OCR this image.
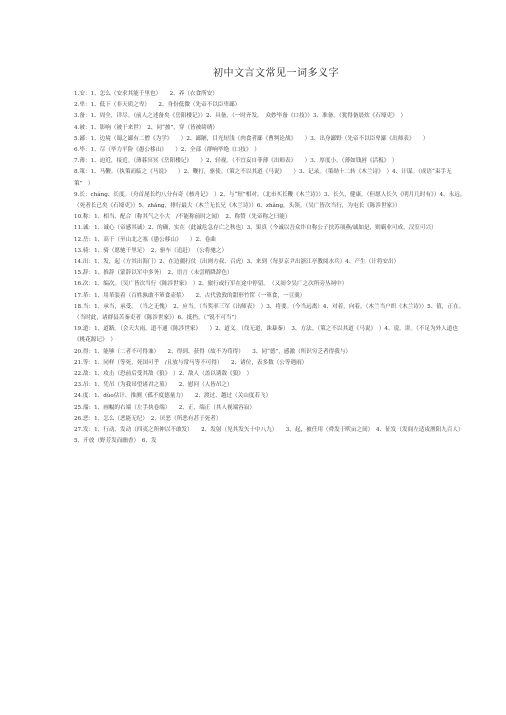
初中文言文常见一词多义字

1.安：1、怎么（安求其能千里也）　　2、养（衣食所安）

2.卑：1、低下（非天质之卑）　　2、身份低微（先帝不以臣卑鄙）

3.备：1、周全，详尽。（前人之述备矣《岳阳楼记》）2、具备。（一时齐发，　众妙毕备《口技》）3、准备。（犹得备晨炊《石壕吏》　）

4.被：1、影响（被于来世）　2、同“披”，穿（皆被绮绣）

5.鄙：1、边境（蜀之鄙有二僧《为学》　　）2、鄙陋，目光短浅（肉食者鄙《曹刿论战》　　）3、出身鄙野（先帝不以臣卑鄙《出师表》　　）

6.毕：1、尽（毕力平险《愚公移山》　　）2、全部（群响毕绝《口技》　）

7.薄：1、迫近，接近。（薄暮冥冥《岳阳楼记》　　）2、轻视。（不宜妄自菲薄《出师表》　　）3、厚度小。（薄如钱唇《活板》　）

8.策：1、马鞭。（执策而临之《马说》　　）2、鞭打，驱使。（策之不以其道《马说》　　）3、记录。（策勋十二转《木兰诗》　）4、计谋。（成语“束手无策”　）

9.长：chánɡ、长度。（舟首尾长约八分有奇《核舟记》　）2、与“短”相对。（北市买长鞭《木兰诗》）3、长久，健康。（但愿人长久《明月几时有》）4、永远。（死者长已矣《石壕吏》）5、zhǎnɡ，排行最大（木兰无长兄《木兰诗》）6、zhǎnɡ，头领。（吴广皆次当行，为屯长《陈涉世家》）

10.称：1、相当、配合（称其气之小大　/不能称前时之闻）　2、称赞（先帝称之曰能）

11.诚：1、诚心（帝感其诚）2、的确，实在（此诚危急存亡之秋也）3、果真（今诚以吾众诈自称公子扶苏项燕/诚如是，则霸业可成，汉室可兴）

12.岳：1、高于（至山北之塞《愚公移山》　　）2、卷曲

13.骑：1、骑（愿驰千里足）　2、驱车（追赶）　（公将驰之）

14.出：1、发，起（方其出海门）2、在边疆打仗（出则方叔、召虎）3、来到（每岁京尹出浙江亭教阅水兵）4、产生（计将安出）

15.辞：1、推辞（蒙辞以军中多务）　2、语言（未尝稍降辞色）

16.次：1、编次。（吴广皆次当行《陈涉世家》　）2、旅行或行军在途中停留。　（又间令吴广之次所旁丛祠中）

17.革：1、用革装着（百姓孰敢不箪食壶浆）　　2、古代敦敦的甜形竹筐（一箪食，一豆羹）

18.当：1、承当，承受。　（当之无愧）　2、应当。（当奖率三军《出师表》　）3、将要。（今当远离）4、对着，向着。（木兰当户织《木兰诗》）5、值，正在。（当时此，诸群县苦秦吏者《陈涉世家》）6、抵挡。（“锐不可当”）

19.道：1、道路。（会天大雨，道不通《陈涉世家》　　）2、道义。（伐无道，诛暴秦）　3、方法。（策之不以其道《马说》　）4、说，讲。（不足为外人道也《桃花源记》　）

20.得：1、能够（二者不可得兼）　　2、得到、获得（故不为苟得）　　3、同“德”，感激（所识穷乏者得我与）

21.等：1、同样（等死，死国可乎　/且放与常马等不可得）　　2、诸位，表多数（公等遇雨）

22.敌：1、攻击（恐前后受其敌《狼》　）2、敌人（盖以诱敌《狼》　）

23.吊：1、凭吊（为我吊望诸君之墓）　　2、慰问（人皆吊之）

24.度：1、dùo估计、推测（孤不度德量力）　　2、渡过、越过（关山度若飞）

25.端：1、画幅的右端（左手执卷端）　　2、正，端正（其人视端容寂）

26.恶：1、怎么（恶能无纪）　2、厌恶（所恶有甚于死者）

27.发：1、行动、发动（四夷之所伸以不敢发）　　2、发射（见其发矢十中八九）　　3、起，被任用（舜发于畎亩之间）　4、征发（发闾左适戍渔阳九百人）　　　5、开放（野芳发而幽香）　6、发
